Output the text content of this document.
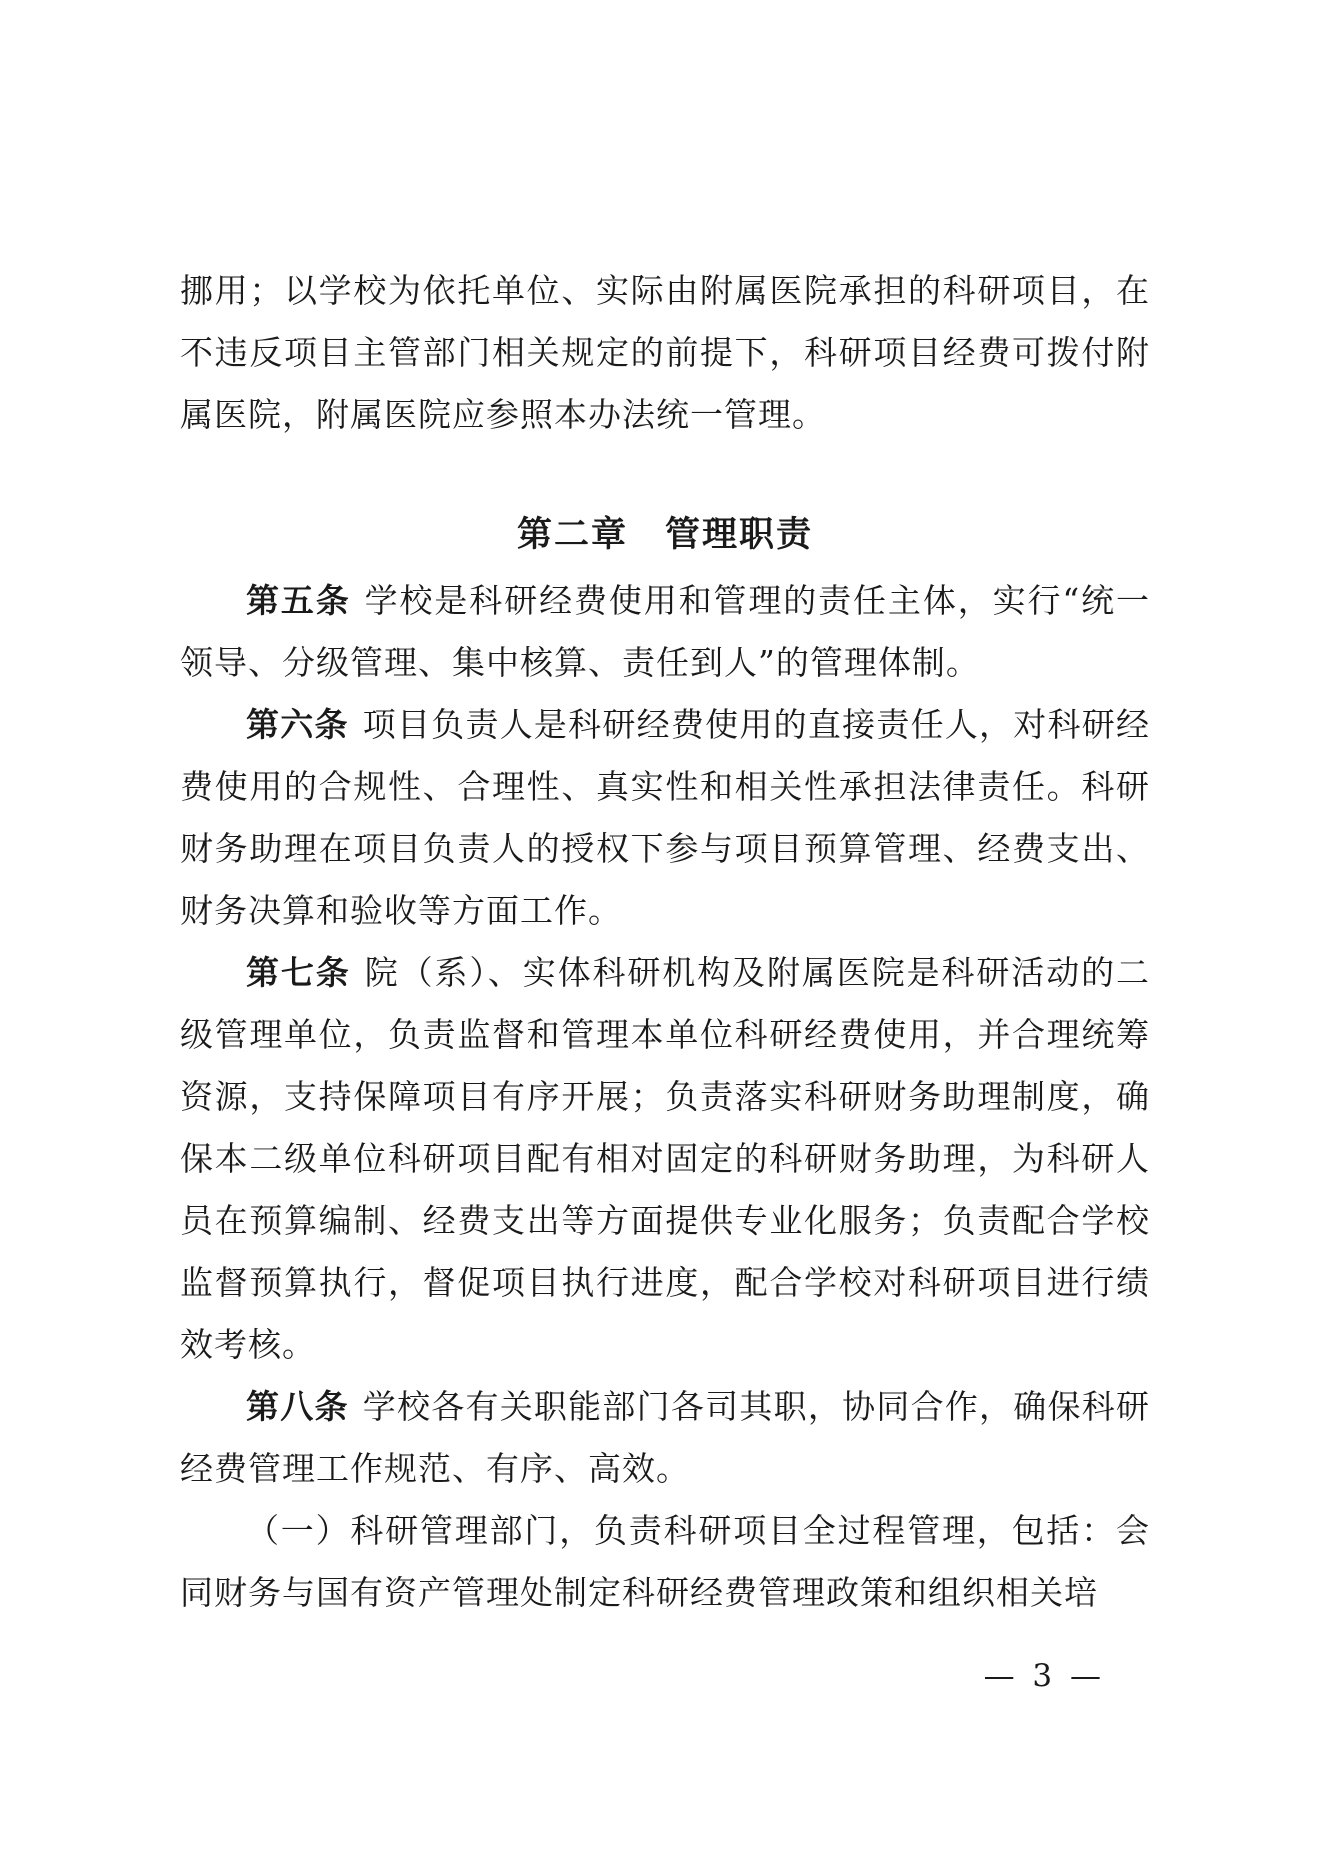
挪用；以学校为依托单位、实际由附属医院承担的科研项目，在不违反项目主管部门相关规定的前提下，科研项目经费可拨付附属医院，附属医院应参照本办法统一管理。

第二章　管理职责

第五条 学校是科研经费使用和管理的责任主体，实行“统一领导、分级管理、集中核算、责任到人”的管理体制。

第六条 项目负责人是科研经费使用的直接责任人，对科研经费使用的合规性、合理性、真实性和相关性承担法律责任。科研财务助理在项目负责人的授权下参与项目预算管理、经费支出、财务决算和验收等方面工作。

第七条 院（系）、实体科研机构及附属医院是科研活动的二级管理单位，负责监督和管理本单位科研经费使用，并合理统筹资源，支持保障项目有序开展；负责落实科研财务助理制度，确保本二级单位科研项目配有相对固定的科研财务助理，为科研人员在预算编制、经费支出等方面提供专业化服务；负责配合学校监督预算执行，督促项目执行进度，配合学校对科研项目进行绩效考核。

第八条 学校各有关职能部门各司其职，协同合作，确保科研经费管理工作规范、有序、高效。

（一）科研管理部门，负责科研项目全过程管理，包括：会同财务与国有资产管理处制定科研经费管理政策和组织相关培

— 3 —
